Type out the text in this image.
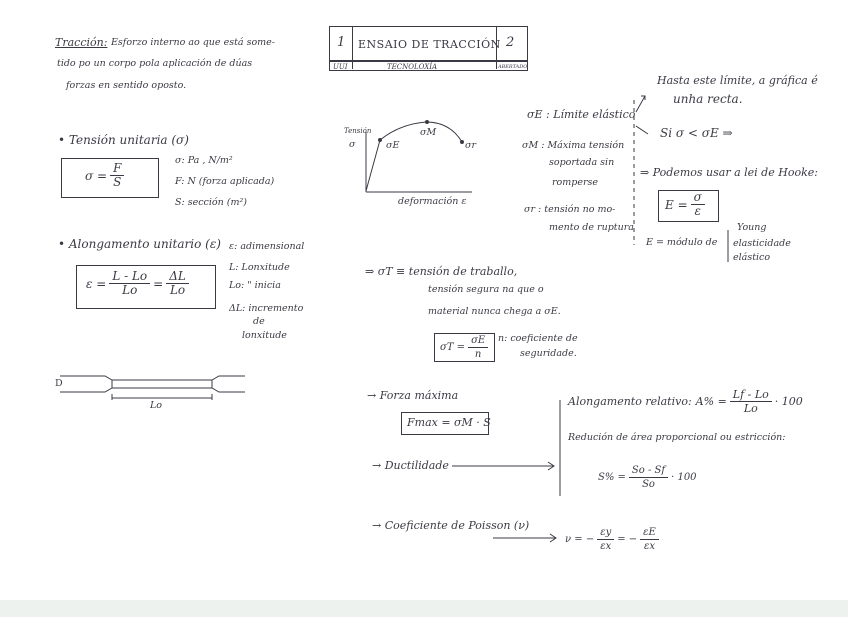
1 ENSAIO DE TRACCIÓN 2
UUI	TECNOLOXÍA	ABERTADO
Tracción: Esforzo interno ao que está some-
tido po un corpo pola aplicación de dúas
forzas en sentido oposto.
• Tensión unitaria (σ)
$\sigma = \frac{F}{S}$
σ: Pa , N/m²
F: N (forza aplicada)
S: sección (m²)
• Alongamento unitario (ε)
$\varepsilon = \frac{L - Lo}{Lo} = \frac{\Delta L}{Lo}$
ε: adimensional
L: Lonxitude
Lo: " inicia
ΔL: incremento
de
lonxitude
D
Lo
Tensión
σ
deformación ε
σE
σM
σr
σE : Límite elástico
σM : Máxima tensión
soportada sin
romperse
σr : tensión no mo-
mento de ruptura
Hasta este límite, a gráfica é
unha recta.
Si σ < σE ⇒
⇒ Podemos usar a lei de Hooke:
$E = \frac{\sigma}{\varepsilon}$
E = módulo de
Young
elasticidade
elástico
⇒ σT ≡ tensión de traballo,
tensión segura na que o
material nunca chega a σE.
$\sigma T = \frac{\sigma E}{n} n$: coeficiente de
seguridade.
→ Forza máxima
Fmax = σM · S
→ Ductilidade
Alongamento relativo: $A\% = \frac{Lf - Lo}{Lo} \cdot 100$
Redución de área proporcional ou estricción:
$S\% = \frac{So - Sf}{So} \cdot 100$
→ Coeficiente de Poisson (ν)
ν = − $\frac{\varepsilon y}{\varepsilon x}$ = − $\frac{\varepsilon E}{\varepsilon x}$
